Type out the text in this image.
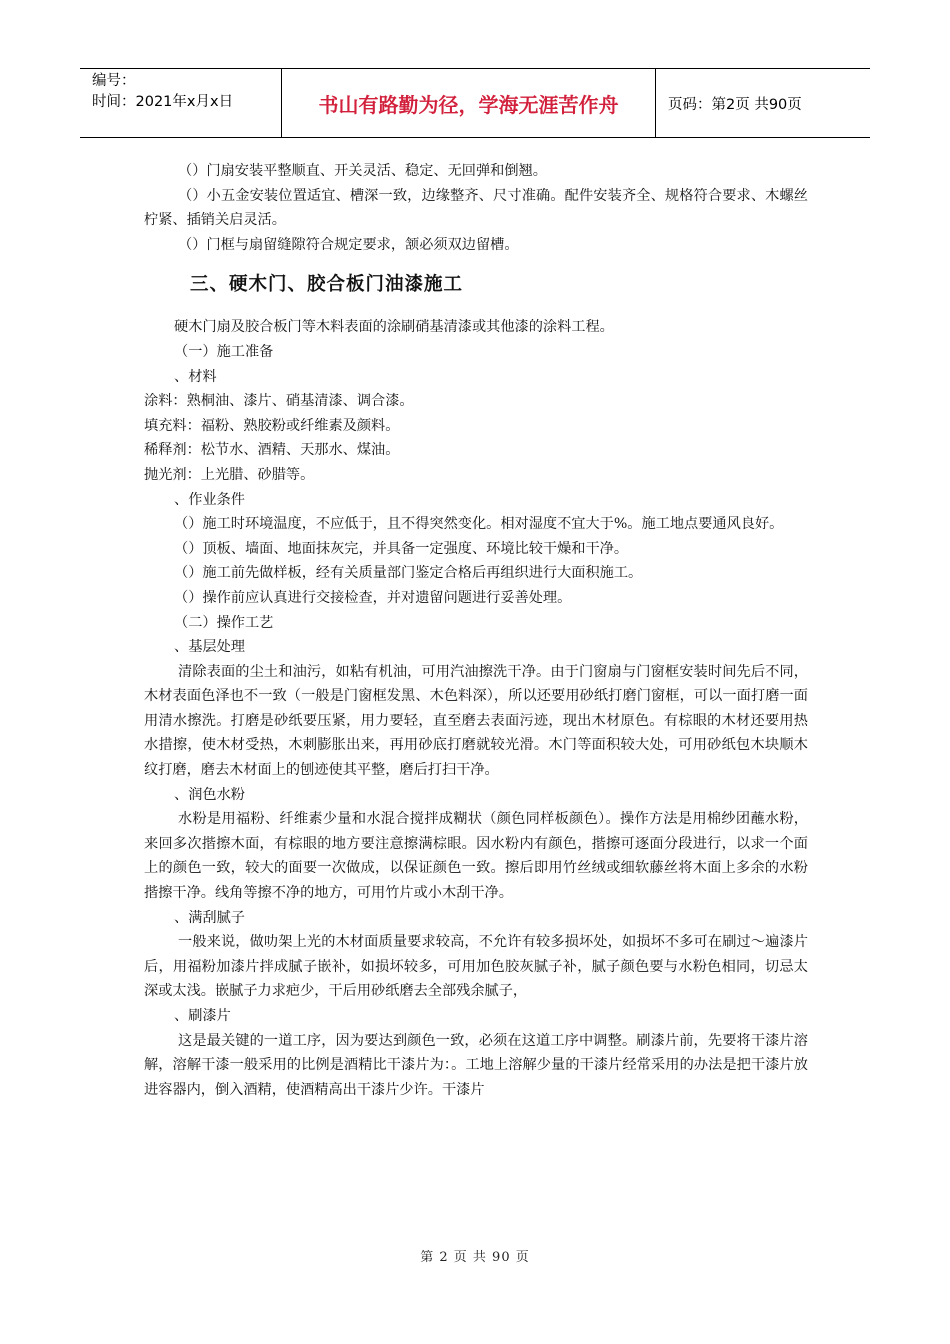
编号：
时间：2021年x月x日	书山有路勤为径，学海无涯苦作舟	页码：第2页 共90页

（）门扇安装平整顺直、开关灵活、稳定、无回弹和倒翘。

（）小五金安装位置适宜、槽深一致，边缘整齐、尺寸准确。配件安装齐全、规格符合要求、木螺丝柠紧、插销关启灵活。

（）门框与扇留缝隙符合规定要求，颔必须双边留槽。

三、硬木门、胶合板门油漆施工

硬木门扇及胶合板门等木料表面的涂刷硝基清漆或其他漆的涂料工程。

（一）施工准备

、材料

涂料：熟桐油、漆片、硝基清漆、调合漆。

填充料：福粉、熟胶粉或纤维素及颜料。

稀释剂：松节水、酒精、天那水、煤油。

抛光剂：上光腊、砂腊等。

、作业条件

（）施工时环境温度，不应低于，且不得突然变化。相对湿度不宜大于%。施工地点要通风良好。

（）顶板、墙面、地面抹灰完，并具备一定强度、环境比较干燥和干净。

（）施工前先做样板，经有关质量部门鉴定合格后再组织进行大面积施工。

（）操作前应认真进行交接检查，并对遗留问题进行妥善处理。

（二）操作工艺

、基层处理

清除表面的尘土和油污，如粘有机油，可用汽油擦洗干净。由于门窗扇与门窗框安装时间先后不同，木材表面色泽也不一致（一般是门窗框发黑、木色料深），所以还要用砂纸打磨门窗框，可以一面打磨一面用清水擦洗。打磨是砂纸要压紧，用力要轻，直至磨去表面污迹，现出木材原色。有棕眼的木材还要用热水措擦，使木材受热，木刺膨胀出来，再用砂底打磨就较光滑。木门等面积较大处，可用砂纸包木块顺木纹打磨，磨去木材面上的刨迹使其平整，磨后打扫干净。

、润色水粉

水粉是用福粉、纤维素少量和水混合搅拌成糊状（颜色同样板颜色）。操作方法是用棉纱团蘸水粉，来回多次揩擦木面，有棕眼的地方要注意擦满棕眼。因水粉内有颜色，揩擦可逐面分段进行，以求一个面上的颜色一致，较大的面要一次做成，以保证颜色一致。擦后即用竹丝绒或细软藤丝将木面上多余的水粉揩擦干净。线角等擦不净的地方，可用竹片或小木刮干净。

、满刮腻子

一般来说，做叻架上光的木材面质量要求较高，不允许有较多损坏处，如损坏不多可在刷过～遍漆片后，用福粉加漆片拌成腻子嵌补，如损坏较多，可用加色胶灰腻子补，腻子颜色要与水粉色相同，切忌太深或太浅。嵌腻子力求疤少，干后用砂纸磨去全部残余腻子，

、刷漆片

这是最关键的一道工序，因为要达到颜色一致，必须在这道工序中调整。刷漆片前，先要将干漆片溶解，溶解干漆一般采用的比例是酒精比干漆片为：。工地上溶解少量的干漆片经常采用的办法是把干漆片放进容器内，倒入酒精，使酒精高出干漆片少许。干漆片

第 2 页 共 90 页
